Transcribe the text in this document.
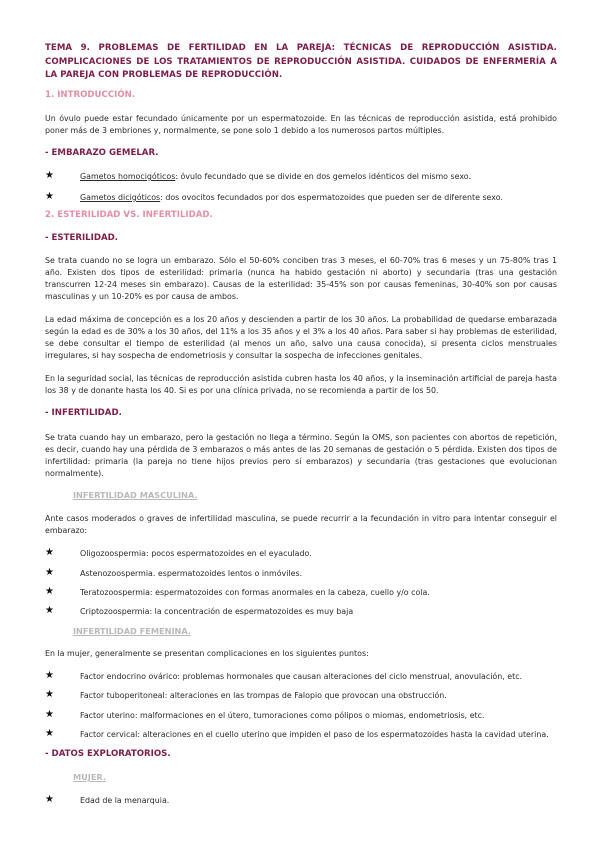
TEMA 9. PROBLEMAS DE FERTILIDAD EN LA PAREJA: TÉCNICAS DE REPRODUCCIÓN ASISTIDA. COMPLICACIONES DE LOS TRATAMIENTOS DE REPRODUCCIÓN ASISTIDA. CUIDADOS DE ENFERMERÍA A LA PAREJA CON PROBLEMAS DE REPRODUCCIÓN.
1. INTRODUCCIÓN.
Un óvulo puede estar fecundado únicamente por un espermatozoide. En las técnicas de reproducción asistida, está prohibido poner más de 3 embriones y, normalmente, se pone solo 1 debido a los numerosos partos múltiples.
- EMBARAZO GEMELAR.
★	Gametos homocigóticos: óvulo fecundado que se divide en dos gemelos idénticos del mismo sexo.
★	Gametos dicigóticos: dos ovocitos fecundados por dos espermatozoides que pueden ser de diferente sexo.
2. ESTERILIDAD VS. INFERTILIDAD.
- ESTERILIDAD.
Se trata cuando no se logra un embarazo. Sólo el 50-60% conciben tras 3 meses, el 60-70% tras 6 meses y un 75-80% tras 1 año. Existen dos tipos de esterilidad: primaria (nunca ha habido gestación ni aborto) y secundaria (tras una gestación transcurren 12-24 meses sin embarazo). Causas de la esterilidad: 35-45% son por causas femeninas, 30-40% son por causas masculinas y un 10-20% es por causa de ambos.
La edad máxima de concepción es a los 20 años y descienden a partir de los 30 años. La probabilidad de quedarse embarazada según la edad es de 30% a los 30 años, del 11% a los 35 años y el 3% a los 40 años. Para saber si hay problemas de esterilidad, se debe consultar el tiempo de esterilidad (al menos un año, salvo una causa conocida), si presenta ciclos menstruales irregulares, si hay sospecha de endometriosis y consultar la sospecha de infecciones genitales.
En la seguridad social, las técnicas de reproducción asistida cubren hasta los 40 años, y la inseminación artificial de pareja hasta los 38 y de donante hasta los 40. Si es por una clínica privada, no se recomienda a partir de los 50.
- INFERTILIDAD.
Se trata cuando hay un embarazo, pero la gestación no llega a término. Según la OMS, son pacientes con abortos de repetición, es decir, cuando hay una pérdida de 3 embarazos o más antes de las 20 semanas de gestación o 5 pérdida. Existen dos tipos de infertilidad: primaria (la pareja no tiene hijos previos pero sí embarazos) y secundaria (tras gestaciones que evolucionan normalmente).
INFERTILIDAD MASCULINA.
Ante casos moderados o graves de infertilidad masculina, se puede recurrir a la fecundación in vitro para intentar conseguir el embarazo:
★	Oligozoospermia: pocos espermatozoides en el eyaculado.
★	Astenozoospermia. espermatozoides lentos o inmóviles.
★	Teratozoospermia: espermatozoides con formas anormales en la cabeza, cuello y/o cola.
★	Criptozoospermia: la concentración de espermatozoides es muy baja
INFERTILIDAD FEMENINA.
En la mujer, generalmente se presentan complicaciones en los siguientes puntos:
★	Factor endocrino ovárico: problemas hormonales que causan alteraciones del ciclo menstrual, anovulación, etc.
★	Factor tuboperitoneal: alteraciones en las trompas de Falopio que provocan una obstrucción.
★	Factor uterino: malformaciones en el útero, tumoraciones como pólipos o miomas, endometriosis, etc.
★	Factor cervical: alteraciones en el cuello uterino que impiden el paso de los espermatozoides hasta la cavidad uterina.
- DATOS EXPLORATORIOS.
MUJER.
★	Edad de la menarquia.
